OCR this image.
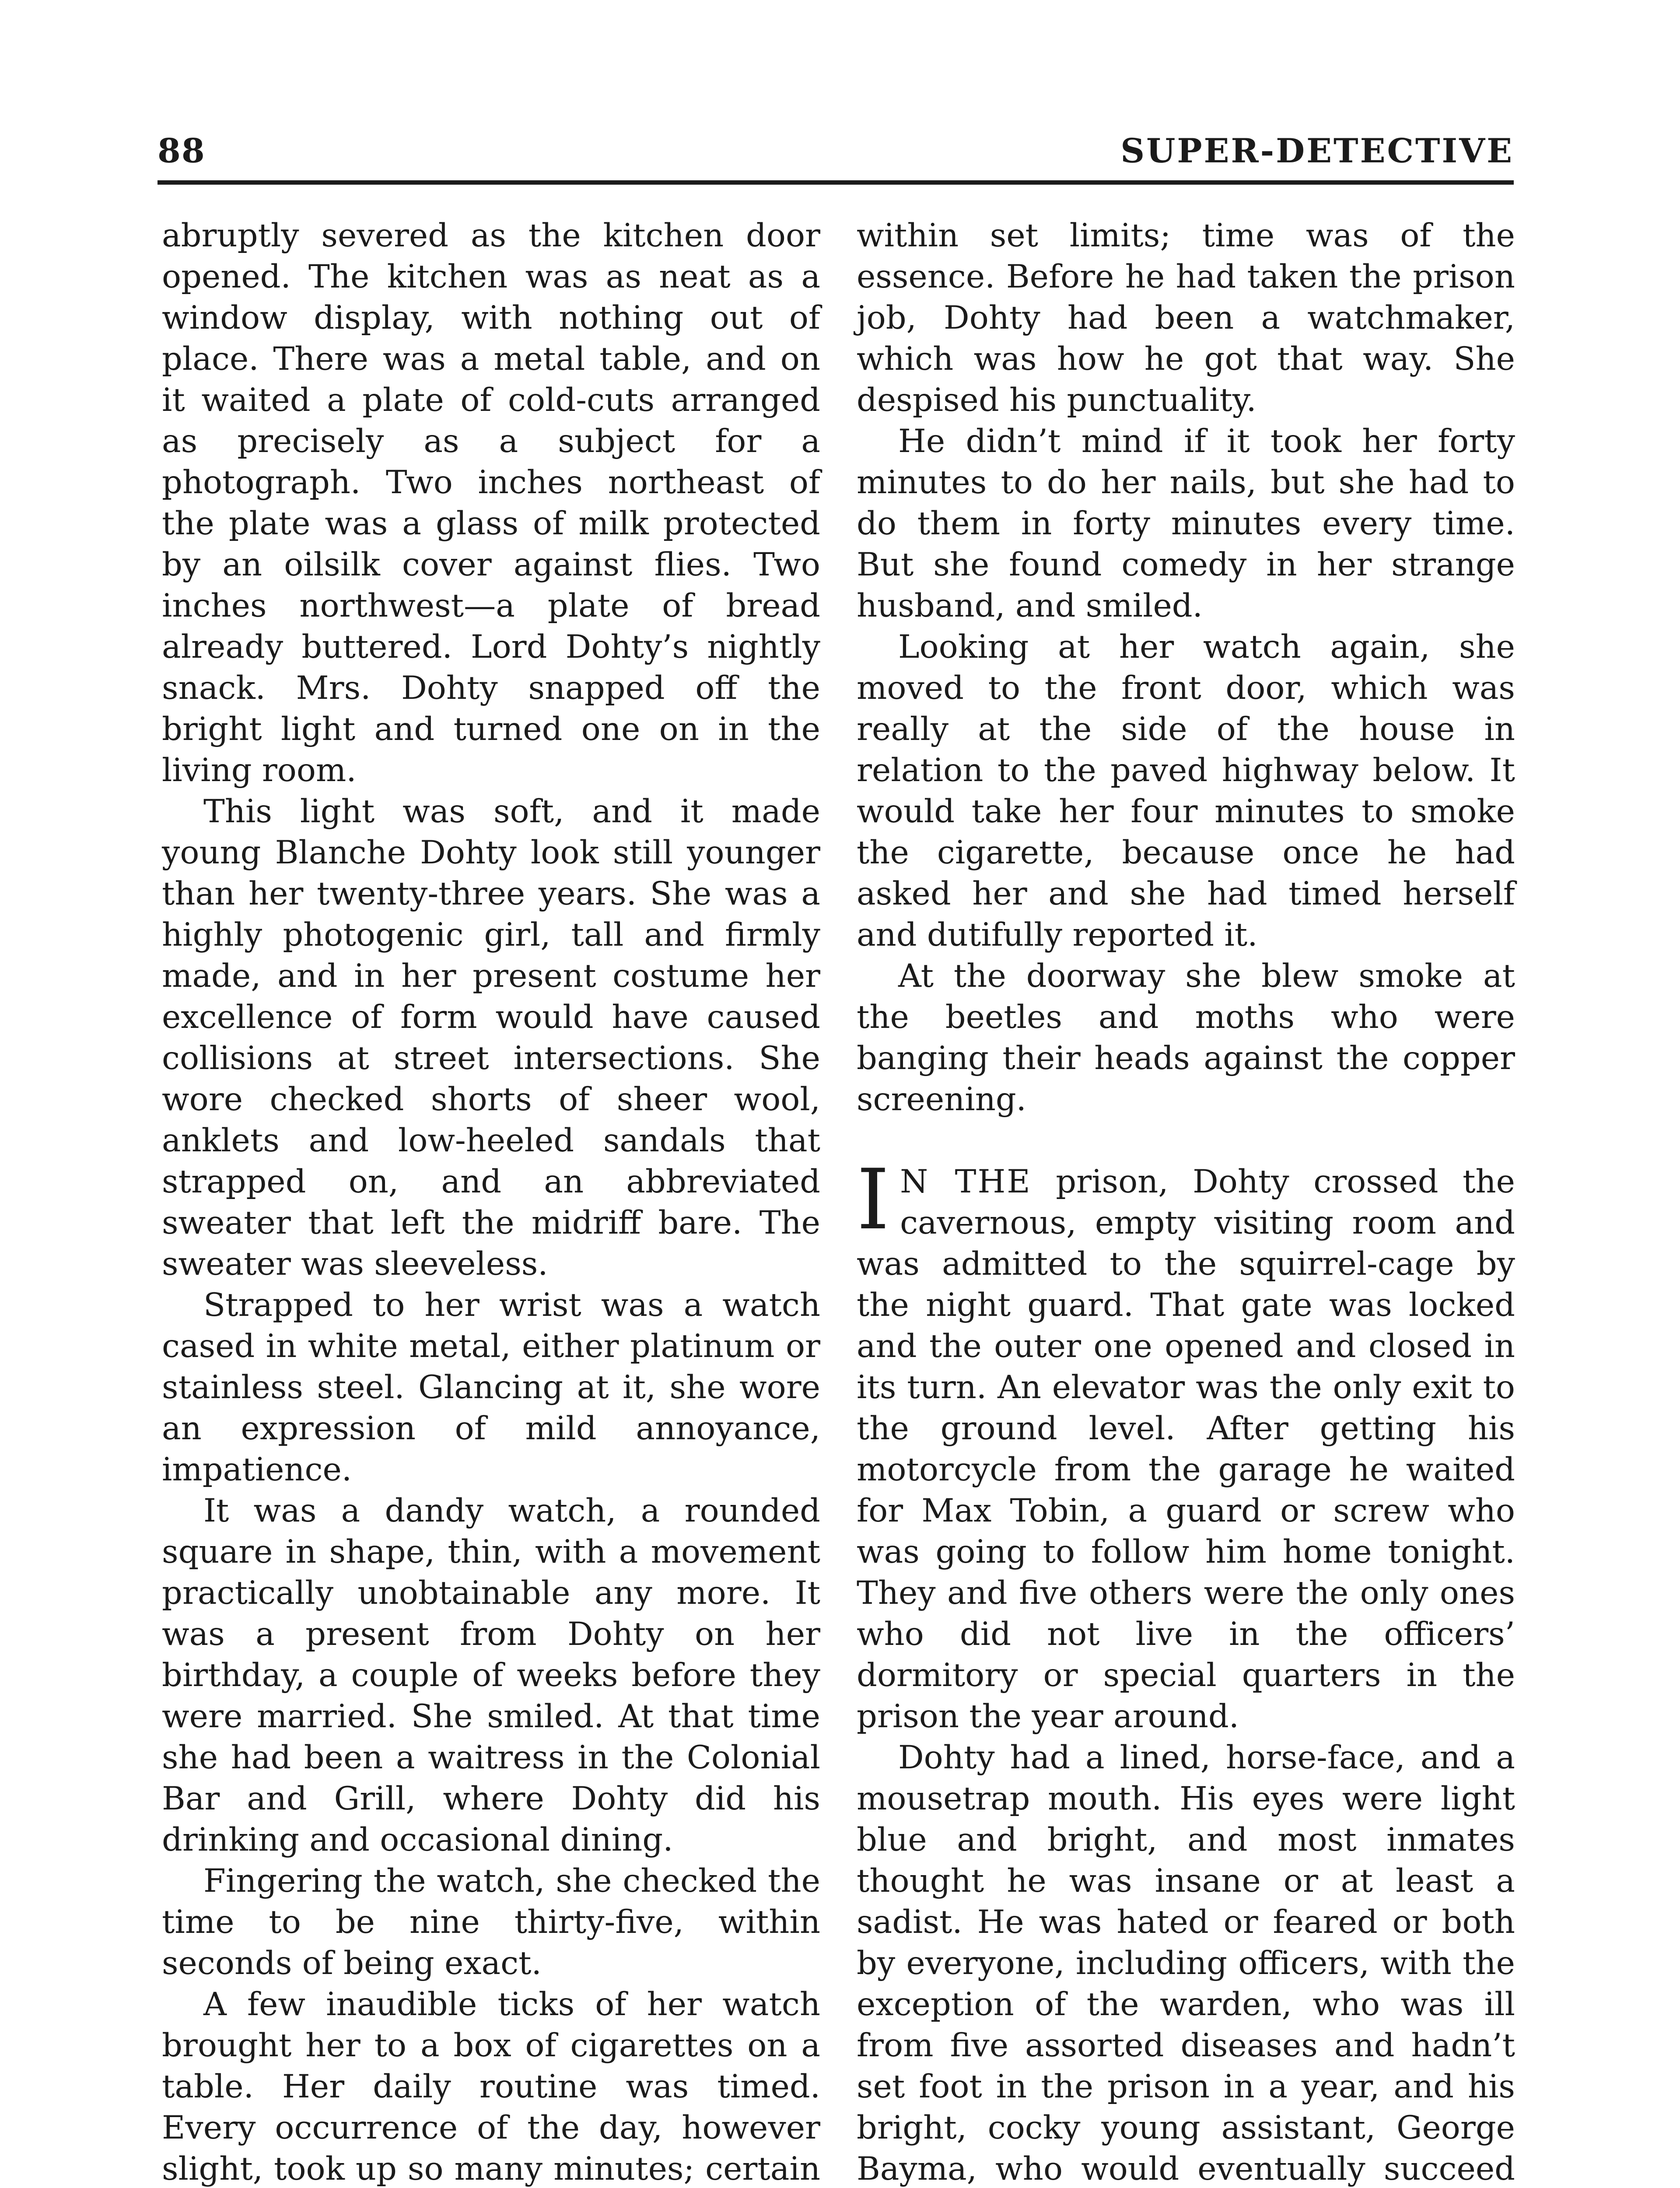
88	SUPER-DETECTIVE

abruptly severed as the kitchen door opened. The kitchen was as neat as a window display, with nothing out of place. There was a metal table, and on it waited a plate of cold-cuts arranged as precisely as a subject for a photograph. Two inches northeast of the plate was a glass of milk protected by an oilsilk cover against flies. Two inches northwest—a plate of bread already buttered. Lord Dohty’s nightly snack. Mrs. Dohty snapped off the bright light and turned one on in the living room.

This light was soft, and it made young Blanche Dohty look still younger than her twenty-three years. She was a highly photogenic girl, tall and firmly made, and in her present costume her excellence of form would have caused collisions at street intersections. She wore checked shorts of sheer wool, anklets and low-heeled sandals that strapped on, and an abbreviated sweater that left the midriff bare. The sweater was sleeveless.

Strapped to her wrist was a watch cased in white metal, either platinum or stainless steel. Glancing at it, she wore an expression of mild annoyance, impatience.

It was a dandy watch, a rounded square in shape, thin, with a movement practically unobtainable any more. It was a present from Dohty on her birthday, a couple of weeks before they were married. She smiled. At that time she had been a waitress in the Colonial Bar and Grill, where Dohty did his drinking and occasional dining.

Fingering the watch, she checked the time to be nine thirty-five, within seconds of being exact.

A few inaudible ticks of her watch brought her to a box of cigarettes on a table. Her daily routine was timed. Every occurrence of the day, however slight, took up so many minutes; certain

within set limits; time was of the essence. Before he had taken the prison job, Dohty had been a watchmaker, which was how he got that way. She despised his punctuality.

He didn’t mind if it took her forty minutes to do her nails, but she had to do them in forty minutes every time. But she found comedy in her strange husband, and smiled.

Looking at her watch again, she moved to the front door, which was really at the side of the house in relation to the paved highway below. It would take her four minutes to smoke the cigarette, because once he had asked her and she had timed herself and dutifully reported it.

At the doorway she blew smoke at the beetles and moths who were banging their heads against the copper screening.

I N THE prison, Dohty crossed the cavernous, empty visiting room and was admitted to the squirrel-cage by the night guard. That gate was locked and the outer one opened and closed in its turn. An elevator was the only exit to the ground level. After getting his motorcycle from the garage he waited for Max Tobin, a guard or screw who was going to follow him home tonight. They and five others were the only ones who did not live in the officers’ dormitory or special quarters in the prison the year around.

Dohty had a lined, horse-face, and a mousetrap mouth. His eyes were light blue and bright, and most inmates thought he was insane or at least a sadist. He was hated or feared or both by everyone, including officers, with the exception of the warden, who was ill from five assorted diseases and hadn’t set foot in the prison in a year, and his bright, cocky young assistant, George Bayma, who would eventually succeed
